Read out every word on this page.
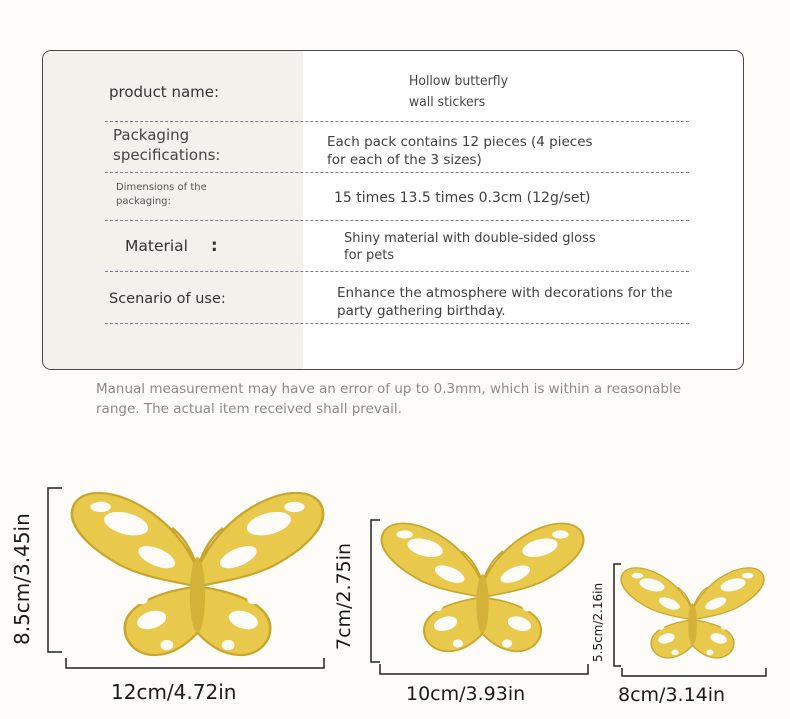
product name:
Hollow butterfly
wall stickers
Packaging
specifications:
Each pack contains 12 pieces (4 pieces
for each of the 3 sizes)
Dimensions of the
packaging:	15 times 13.5 times 0.3cm (12g/set)
Material :	Shiny material with double-sided gloss
for pets
Scenario of use:	Enhance the atmosphere with decorations for the
party gathering birthday.
Manual measurement may have an error of up to 0.3mm, which is within a reasonable
range. The actual item received shall prevail.
8.5cm/3.45in
12cm/4.72in
7cm/2.75in
10cm/3.93in
5.5cm/2.16in
8cm/3.14in
